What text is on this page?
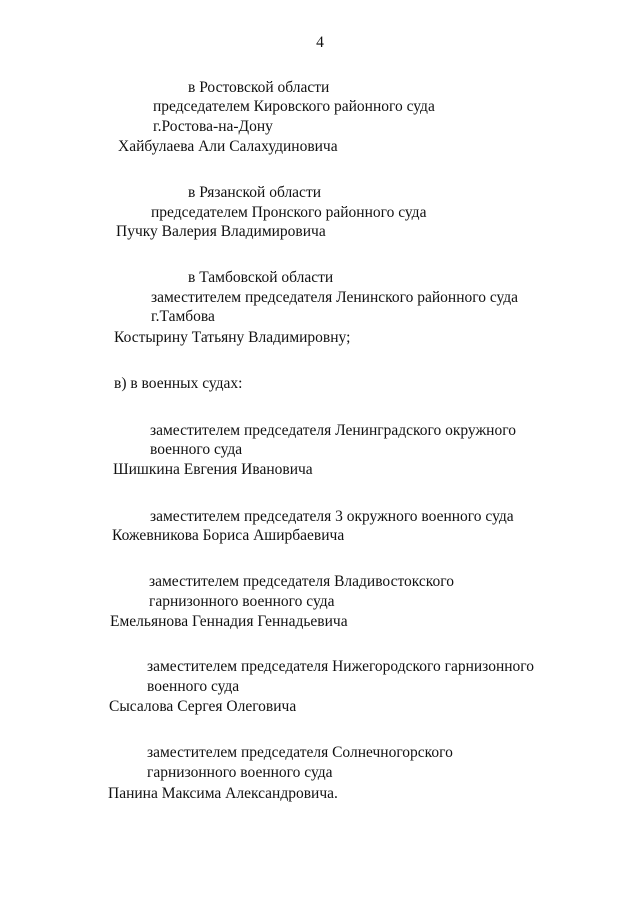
4
в Ростовской области
председателем Кировского районного суда
г.Ростова-на-Дону
Хайбулаева Али Салахудиновича
в Рязанской области
председателем Пронского районного суда
Пучку Валерия Владимировича
в Тамбовской области
заместителем председателя Ленинского районного суда
г.Тамбова
Костырину Татьяну Владимировну;
в) в военных судах:
заместителем председателя Ленинградского окружного
военного суда
Шишкина Евгения Ивановича
заместителем председателя 3 окружного военного суда
Кожевникова Бориса Аширбаевича
заместителем председателя Владивостокского
гарнизонного военного суда
Емельянова Геннадия Геннадьевича
заместителем председателя Нижегородского гарнизонного
военного суда
Сысалова Сергея Олеговича
заместителем председателя Солнечногорского
гарнизонного военного суда
Панина Максима Александровича.
